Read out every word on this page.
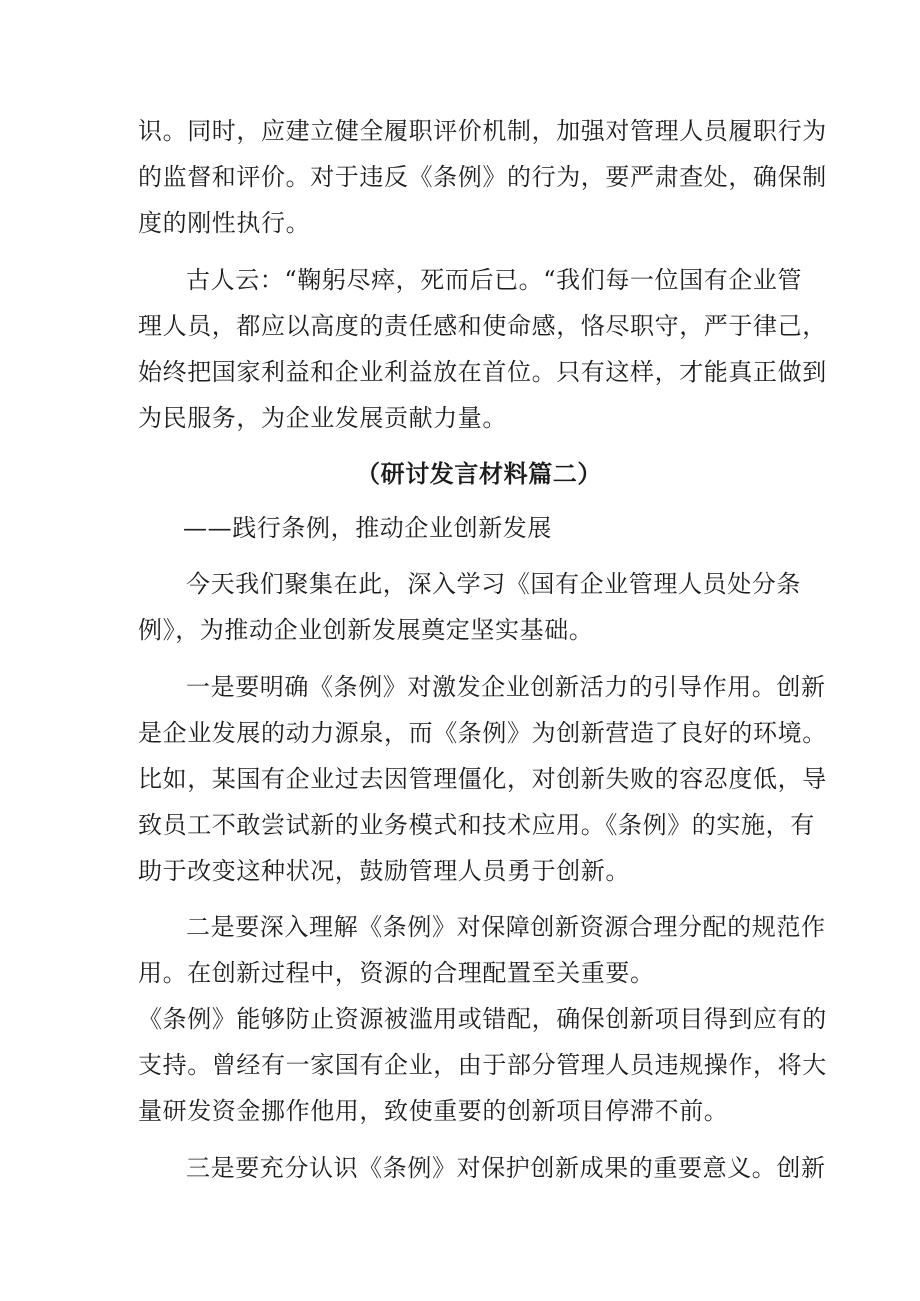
识。同时，应建立健全履职评价机制，加强对管理人员履职行为

的监督和评价。对于违反《条例》的行为，要严肃查处，确保制

度的刚性执行。

古人云：“鞠躬尽瘁，死而后已。“我们每一位国有企业管

理人员，都应以高度的责任感和使命感，恪尽职守，严于律己，

始终把国家利益和企业利益放在首位。只有这样，才能真正做到

为民服务，为企业发展贡献力量。

（研讨发言材料篇二）

——践行条例，推动企业创新发展

今天我们聚集在此，深入学习《国有企业管理人员处分条

例》，为推动企业创新发展奠定坚实基础。

一是要明确《条例》对激发企业创新活力的引导作用。创新

是企业发展的动力源泉，而《条例》为创新营造了良好的环境。

比如，某国有企业过去因管理僵化，对创新失败的容忍度低，导

致员工不敢尝试新的业务模式和技术应用。《条例》的实施，有

助于改变这种状况，鼓励管理人员勇于创新。

二是要深入理解《条例》对保障创新资源合理分配的规范作

用。在创新过程中，资源的合理配置至关重要。

《条例》能够防止资源被滥用或错配，确保创新项目得到应有的

支持。曾经有一家国有企业，由于部分管理人员违规操作，将大

量研发资金挪作他用，致使重要的创新项目停滞不前。

三是要充分认识《条例》对保护创新成果的重要意义。创新
